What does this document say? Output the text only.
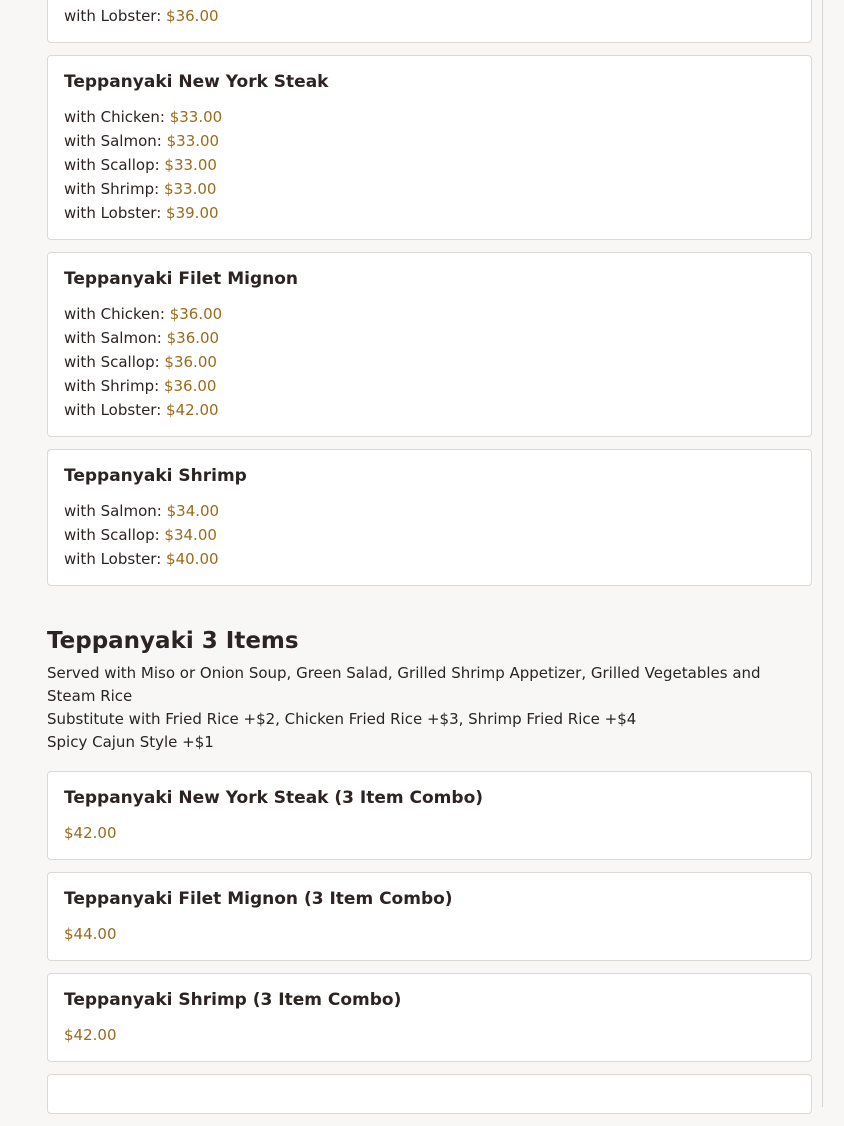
with Lobster: $36.00
Teppanyaki New York Steak
with Chicken: $33.00
with Salmon: $33.00
with Scallop: $33.00
with Shrimp: $33.00
with Lobster: $39.00
Teppanyaki Filet Mignon
with Chicken: $36.00
with Salmon: $36.00
with Scallop: $36.00
with Shrimp: $36.00
with Lobster: $42.00
Teppanyaki Shrimp
with Salmon: $34.00
with Scallop: $34.00
with Lobster: $40.00
Teppanyaki 3 Items
Served with Miso or Onion Soup, Green Salad, Grilled Shrimp Appetizer, Grilled Vegetables and Steam Rice
Substitute with Fried Rice +$2, Chicken Fried Rice +$3, Shrimp Fried Rice +$4
Spicy Cajun Style +$1
Teppanyaki New York Steak (3 Item Combo)
$42.00
Teppanyaki Filet Mignon (3 Item Combo)
$44.00
Teppanyaki Shrimp (3 Item Combo)
$42.00
